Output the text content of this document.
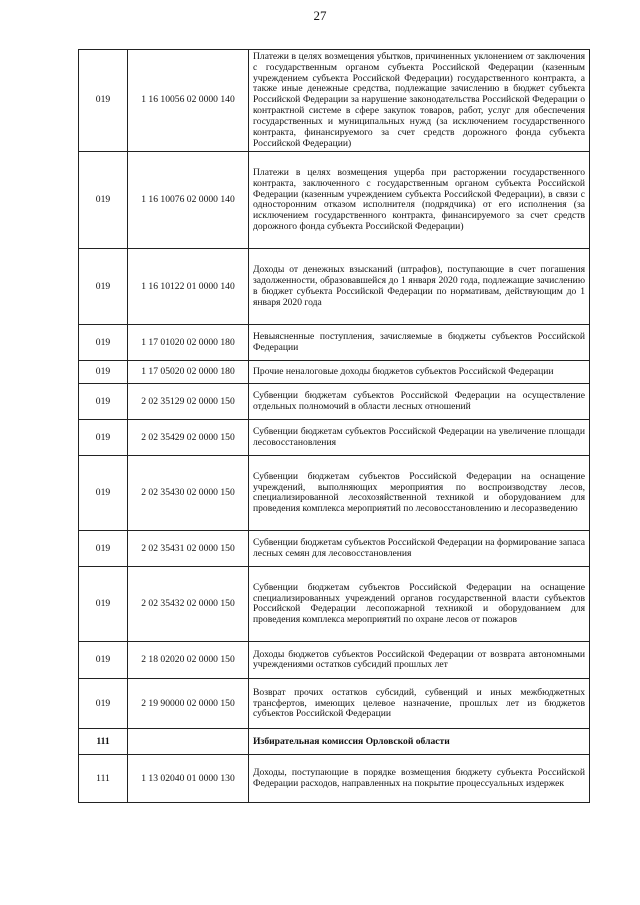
27
019	1 16 10056 02 0000 140	Платежи в целях возмещения убытков, причиненных уклонением от заключения с государственным органом субъекта Российской Федерации (казенным учреждением субъекта Российской Федерации) государственного контракта, а также иные денежные средства, подлежащие зачислению в бюджет субъекта Российской Федерации за нарушение законодательства Российской Федерации о контрактной системе в сфере закупок товаров, работ, услуг для обеспечения государственных и муниципальных нужд (за исключением государственного контракта, финансируемого за счет средств дорожного фонда субъекта Российской Федерации)
019	1 16 10076 02 0000 140	Платежи в целях возмещения ущерба при расторжении государственного контракта, заключенного с государственным органом субъекта Российской Федерации (казенным учреждением субъекта Российской Федерации), в связи с односторонним отказом исполнителя (подрядчика) от его исполнения (за исключением государственного контракта, финансируемого за счет средств дорожного фонда субъекта Российской Федерации)
019	1 16 10122 01 0000 140	Доходы от денежных взысканий (штрафов), поступающие в счет погашения задолженности, образовавшейся до 1 января 2020 года, подлежащие зачислению в бюджет субъекта Российской Федерации по нормативам, действующим до 1 января 2020 года
019	1 17 01020 02 0000 180	Невыясненные поступления, зачисляемые в бюджеты субъектов Российской Федерации
019	1 17 05020 02 0000 180	Прочие неналоговые доходы бюджетов субъектов Российской Федерации
019	2 02 35129 02 0000 150	Субвенции бюджетам субъектов Российской Федерации на осуществление отдельных полномочий в области лесных отношений
019	2 02 35429 02 0000 150	Субвенции бюджетам субъектов Российской Федерации на увеличение площади лесовосстановления
019	2 02 35430 02 0000 150	Субвенции бюджетам субъектов Российской Федерации на оснащение учреждений, выполняющих мероприятия по воспроизводству лесов, специализированной лесохозяйственной техникой и оборудованием для проведения комплекса мероприятий по лесовосстановлению и лесоразведению
019	2 02 35431 02 0000 150	Субвенции бюджетам субъектов Российской Федерации на формирование запаса лесных семян для лесовосстановления
019	2 02 35432 02 0000 150	Субвенции бюджетам субъектов Российской Федерации на оснащение специализированных учреждений органов государственной власти субъектов Российской Федерации лесопожарной техникой и оборудованием для проведения комплекса мероприятий по охране лесов от пожаров
019	2 18 02020 02 0000 150	Доходы бюджетов субъектов Российской Федерации от возврата автономными учреждениями остатков субсидий прошлых лет
019	2 19 90000 02 0000 150	Возврат прочих остатков субсидий, субвенций и иных межбюджетных трансфертов, имеющих целевое назначение, прошлых лет из бюджетов субъектов Российской Федерации
111		Избирательная комиссия Орловской области
111	1 13 02040 01 0000 130	Доходы, поступающие в порядке возмещения бюджету субъекта Российской Федерации расходов, направленных на покрытие процессуальных издержек
